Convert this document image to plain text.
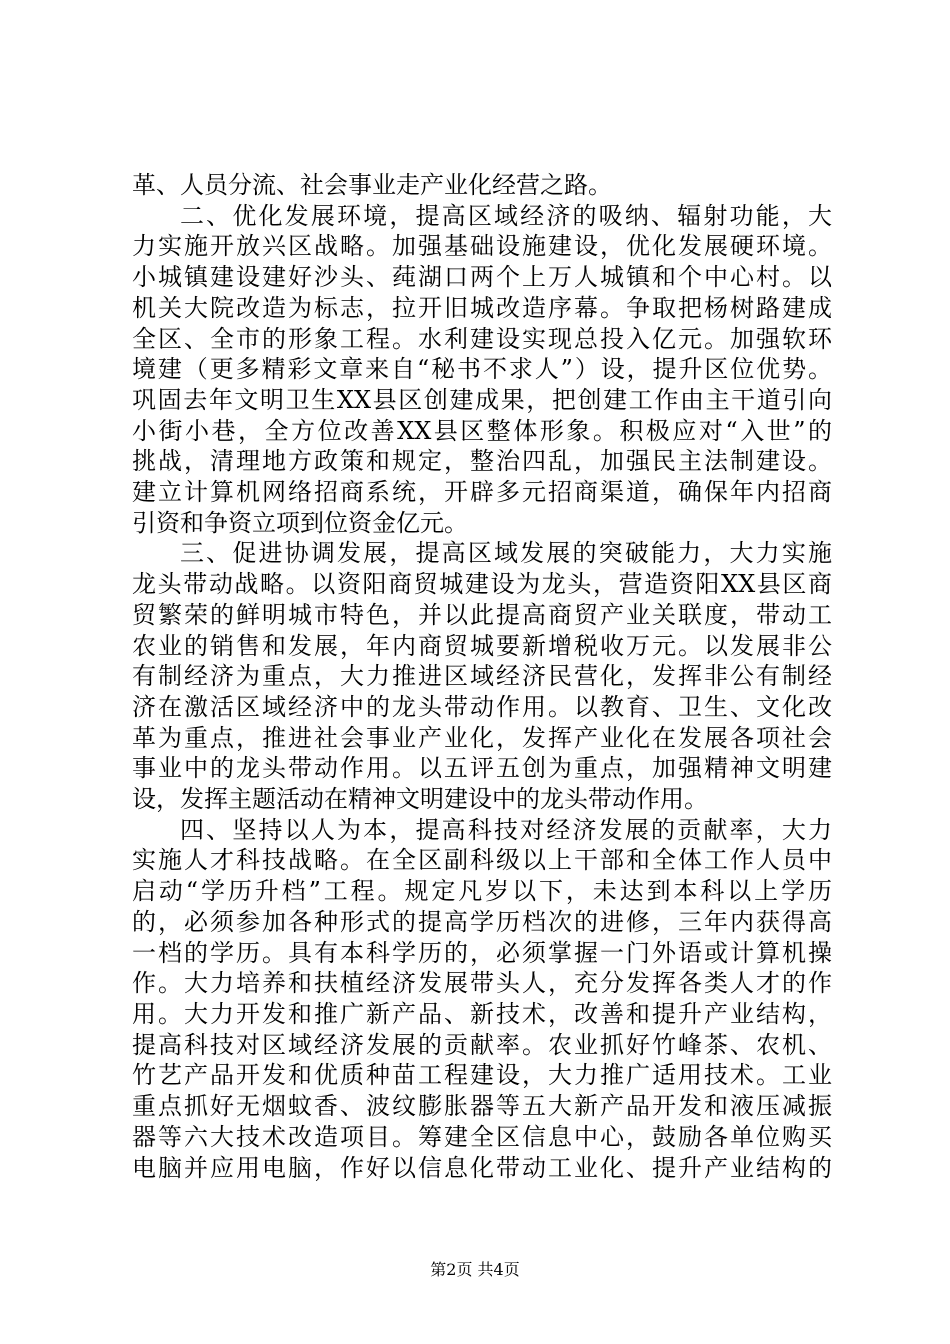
革、人员分流、社会事业走产业化经营之路。
二、优化发展环境，提高区域经济的吸纳、辐射功能，大
力实施开放兴区战略。加强基础设施建设，优化发展硬环境。
小城镇建设建好沙头、莼湖口两个上万人城镇和个中心村。以
机关大院改造为标志，拉开旧城改造序幕。争取把杨树路建成
全区、全市的形象工程。水利建设实现总投入亿元。加强软环
境建（更多精彩文章来自“秘书不求人”）设，提升区位优势。
巩固去年文明卫生XX县区创建成果，把创建工作由主干道引向
小街小巷，全方位改善XX县区整体形象。积极应对“入世”的
挑战，清理地方政策和规定，整治四乱，加强民主法制建设。
建立计算机网络招商系统，开辟多元招商渠道，确保年内招商
引资和争资立项到位资金亿元。
三、促进协调发展，提高区域发展的突破能力，大力实施
龙头带动战略。以资阳商贸城建设为龙头，营造资阳XX县区商
贸繁荣的鲜明城市特色，并以此提高商贸产业关联度，带动工
农业的销售和发展，年内商贸城要新增税收万元。以发展非公
有制经济为重点，大力推进区域经济民营化，发挥非公有制经
济在激活区域经济中的龙头带动作用。以教育、卫生、文化改
革为重点，推进社会事业产业化，发挥产业化在发展各项社会
事业中的龙头带动作用。以五评五创为重点，加强精神文明建
设，发挥主题活动在精神文明建设中的龙头带动作用。
四、坚持以人为本，提高科技对经济发展的贡献率，大力
实施人才科技战略。在全区副科级以上干部和全体工作人员中
启动“学历升档”工程。规定凡岁以下，未达到本科以上学历
的，必须参加各种形式的提高学历档次的进修，三年内获得高
一档的学历。具有本科学历的，必须掌握一门外语或计算机操
作。大力培养和扶植经济发展带头人，充分发挥各类人才的作
用。大力开发和推广新产品、新技术，改善和提升产业结构，
提高科技对区域经济发展的贡献率。农业抓好竹峰茶、农机、
竹艺产品开发和优质种苗工程建设，大力推广适用技术。工业
重点抓好无烟蚊香、波纹膨胀器等五大新产品开发和液压减振
器等六大技术改造项目。筹建全区信息中心，鼓励各单位购买
电脑并应用电脑，作好以信息化带动工业化、提升产业结构的
第2页 共4页
